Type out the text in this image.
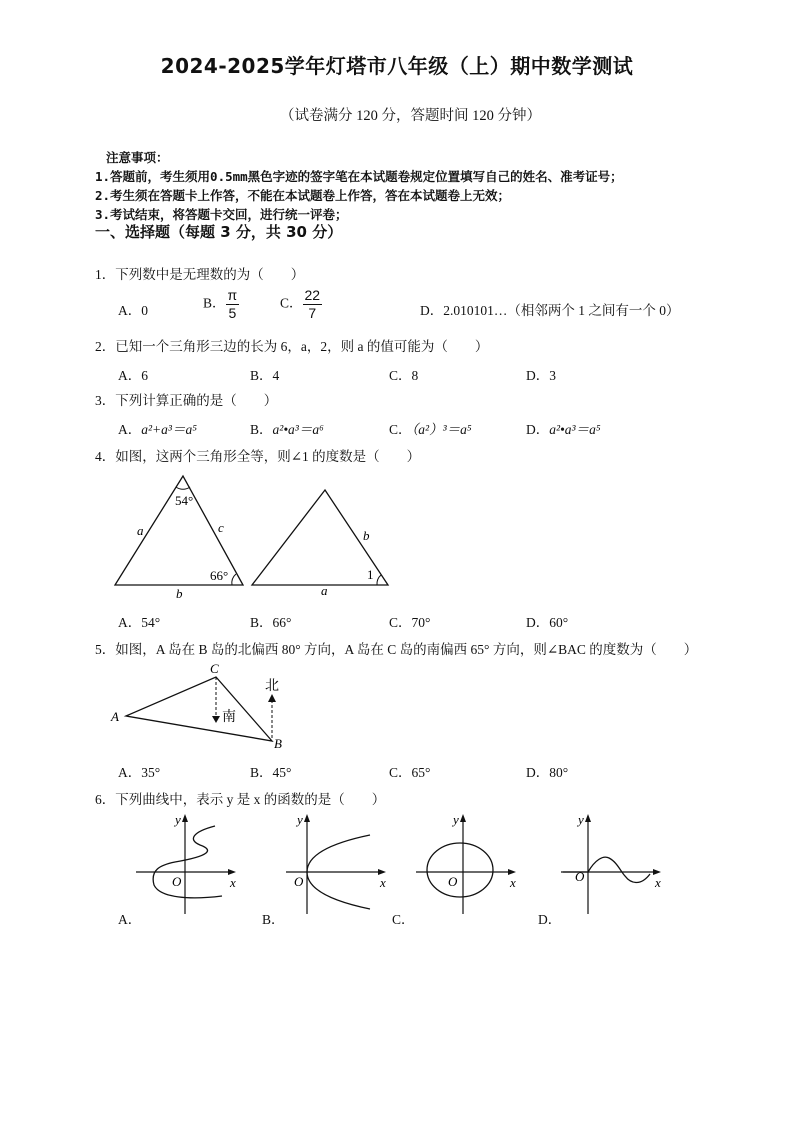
2024-2025学年灯塔市八年级（上）期中数学测试
（试卷满分 120 分，答题时间 120 分钟）
注意事项：
1.答题前，考生须用0.5mm黑色字迹的签字笔在本试题卷规定位置填写自己的姓名、准考证号；
2.考生须在答题卡上作答，不能在本试题卷上作答，答在本试题卷上无效；
3.考试结束，将答题卡交回，进行统一评卷；
一、选择题（每题 3 分，共 30 分）
1．下列数中是无理数的为（　　）
A．0	B． $\frac{\pi}{5}$	C． $\frac{22}{7}$	D．2.010101…（相邻两个 1 之间有一个 0）
2．已知一个三角形三边的长为 6，a，2，则 a 的值可能为（　　）
A．6	B．4	C．8	D．3
3．下列计算正确的是（　　）
A．a²+a³＝a⁵	B．a²•a³＝a⁶	C．（a²）³＝a⁵	D．a²•a³＝a⁵
4．如图，这两个三角形全等，则∠1 的度数是（　　）
54°
66°
a	c
b
b
a
1
A．54°	B．66°	C．70°	D．60°
5．如图，A 岛在 B 岛的北偏西 80° 方向，A 岛在 C 岛的南偏西 65° 方向，则∠BAC 的度数为（　　）
A
C
B
北
南
A．35°	B．45°	C．65°	D．80°
6．下列曲线中，表示 y 是 x 的函数的是（　　）
y
x
O
y
x
O
y
x
O
y
x
O
A．	B．	C．	D．
